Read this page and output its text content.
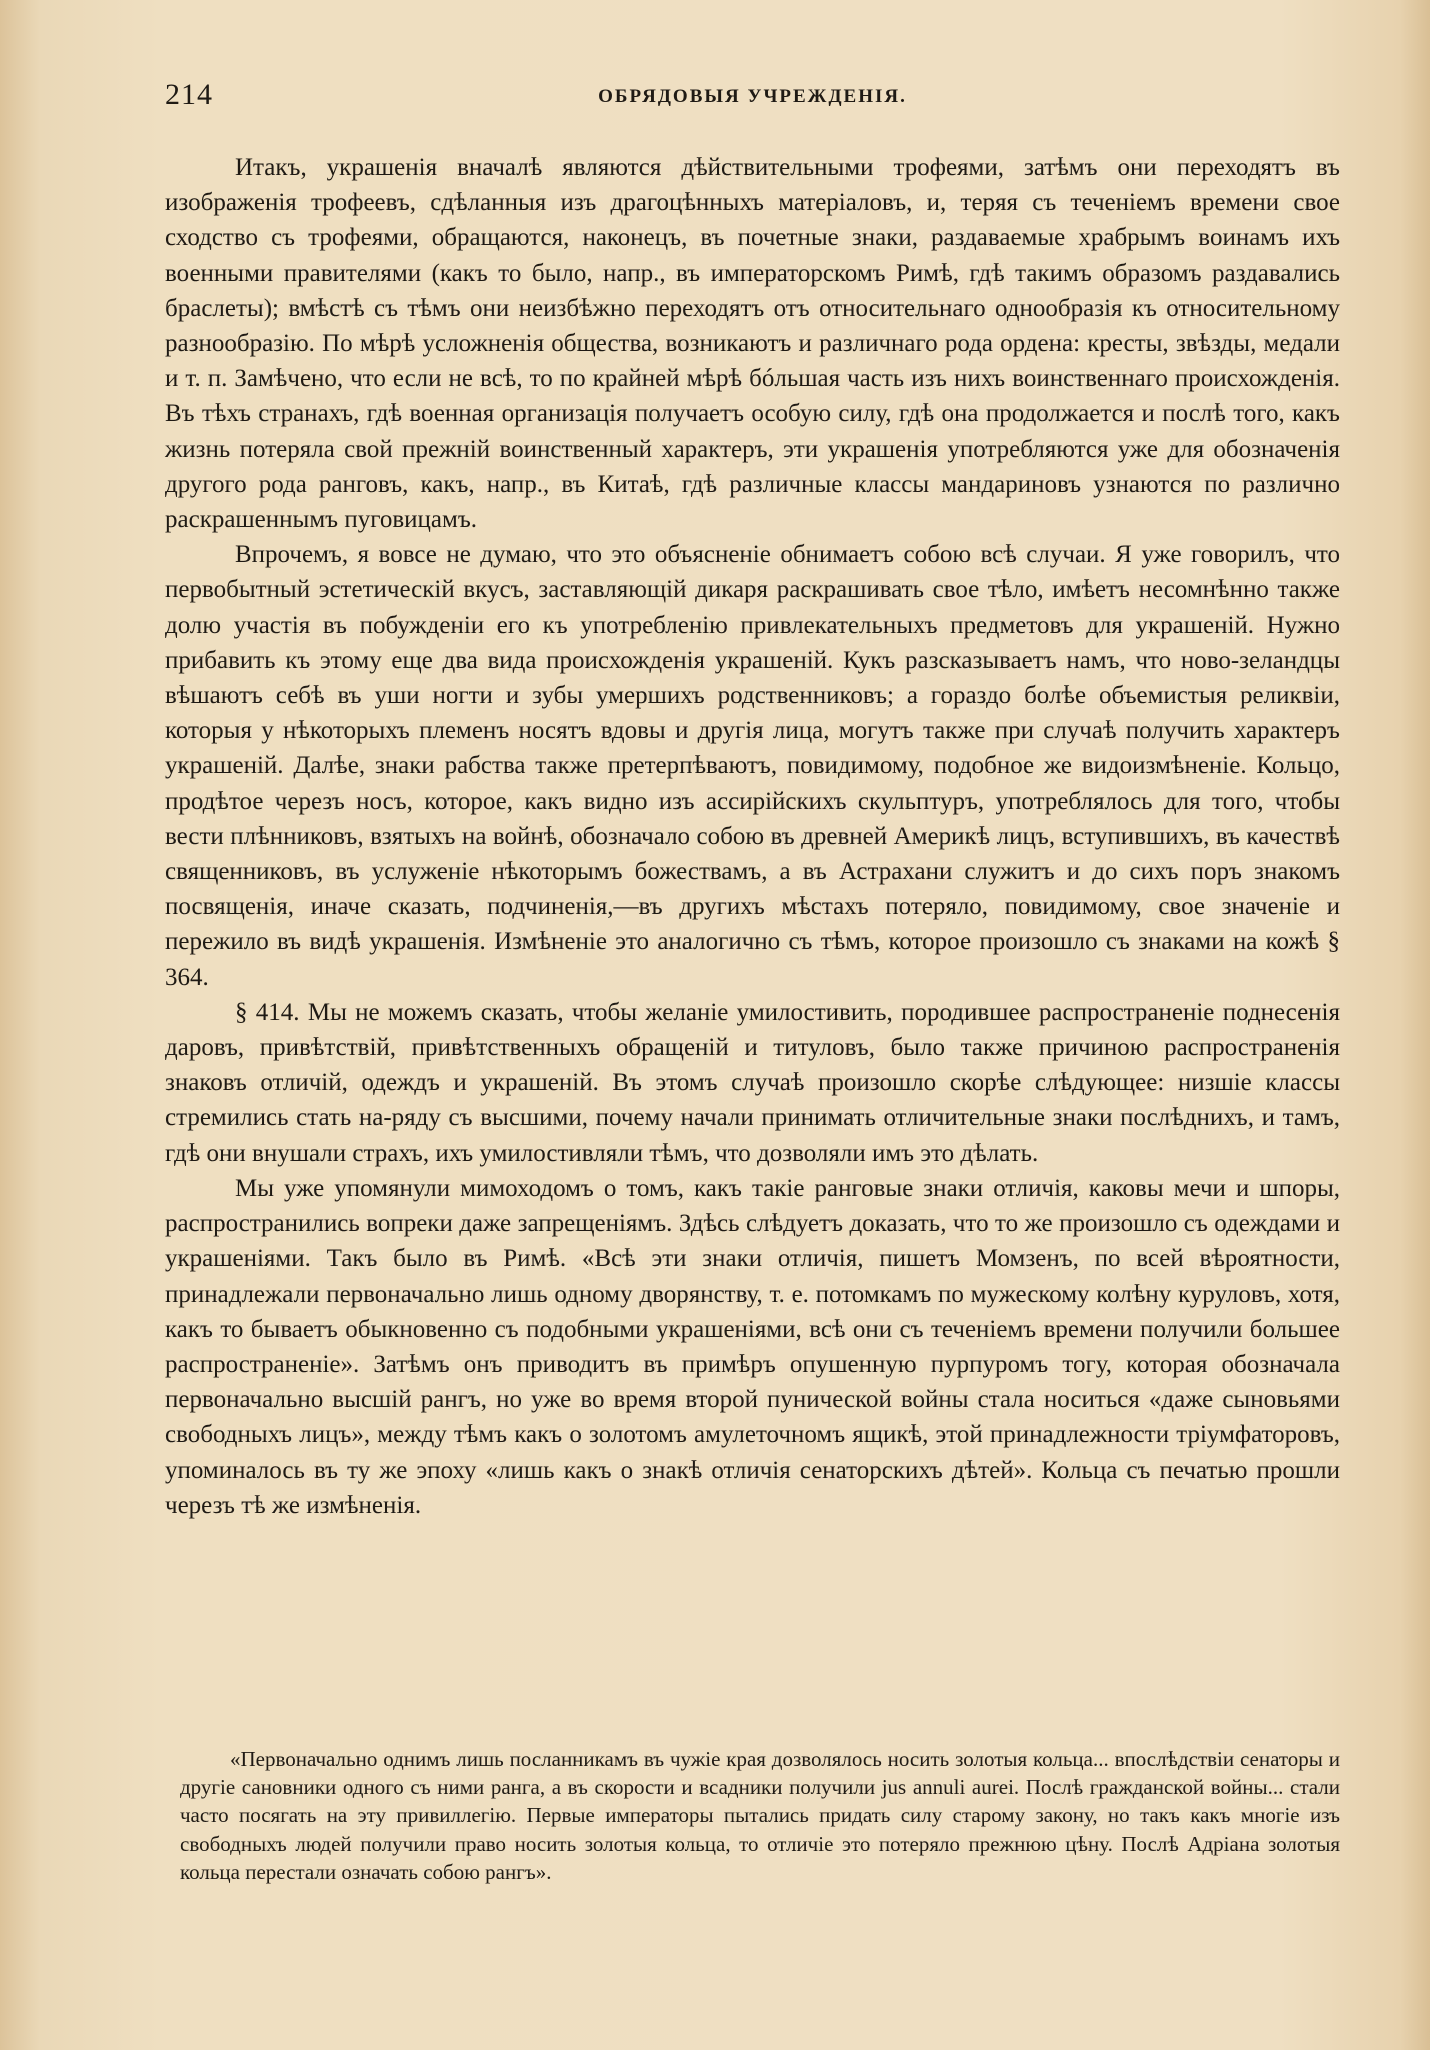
214	ОБРЯДОВЫЯ УЧРЕЖДЕНІЯ.

Итакъ, украшенія вначалѣ являются дѣйствительными трофеями, затѣмъ они переходятъ въ изображенія трофеевъ, сдѣланныя изъ драгоцѣнныхъ матеріаловъ, и, теряя съ теченіемъ времени свое сходство съ трофеями, обращаются, наконецъ, въ почетные знаки, раздаваемые храбрымъ воинамъ ихъ военными правителями (какъ то было, напр., въ императорскомъ Римѣ, гдѣ такимъ образомъ раздавались браслеты); вмѣстѣ съ тѣмъ они неизбѣжно переходятъ отъ относительнаго однообразія къ относительному разнообразію. По мѣрѣ усложненія общества, возникаютъ и различнаго рода ордена: кресты, звѣзды, медали и т. п. Замѣчено, что если не всѣ, то по крайней мѣрѣ бóльшая часть изъ нихъ воинственнаго происхожденія. Въ тѣхъ странахъ, гдѣ военная организація получаетъ особую силу, гдѣ она продолжается и послѣ того, какъ жизнь потеряла свой прежній воинственный характеръ, эти украшенія употребляются уже для обозначенія другого рода ранговъ, какъ, напр., въ Китаѣ, гдѣ различные классы мандариновъ узнаются по различно раскрашеннымъ пуговицамъ.

Впрочемъ, я вовсе не думаю, что это объясненіе обнимаетъ собою всѣ случаи. Я уже говорилъ, что первобытный эстетическій вкусъ, заставляющій дикаря раскрашивать свое тѣло, имѣетъ несомнѣнно также долю участія въ побужденіи его къ употребленію привлекательныхъ предметовъ для украшеній. Нужно прибавить къ этому еще два вида происхожденія украшеній. Кукъ разсказываетъ намъ, что ново-зеландцы вѣшаютъ себѣ въ уши ногти и зубы умершихъ родственниковъ; а гораздо болѣе объемистыя реликвіи, которыя у нѣкоторыхъ племенъ носятъ вдовы и другія лица, могутъ также при случаѣ получить характеръ украшеній. Далѣе, знаки рабства также претерпѣваютъ, повидимому, подобное же видоизмѣненіе. Кольцо, продѣтое черезъ носъ, которое, какъ видно изъ ассирійскихъ скульптуръ, употреблялось для того, чтобы вести плѣнниковъ, взятыхъ на войнѣ, обозначало собою въ древней Америкѣ лицъ, вступившихъ, въ качествѣ священниковъ, въ услуженіе нѣкоторымъ божествамъ, а въ Астрахани служитъ и до сихъ поръ знакомъ посвященія, иначе сказать, подчиненія,—въ другихъ мѣстахъ потеряло, повидимому, свое значеніе и пережило въ видѣ украшенія. Измѣненіе это аналогично съ тѣмъ, которое произошло съ знаками на кожѣ § 364.

§ 414. Мы не можемъ сказать, чтобы желаніе умилостивить, породившее распространеніе поднесенія даровъ, привѣтствій, привѣтственныхъ обращеній и титуловъ, было также причиною распространенія знаковъ отличій, одеждъ и украшеній. Въ этомъ случаѣ произошло скорѣе слѣдующее: низшіе классы стремились стать на-ряду съ высшими, почему начали принимать отличительные знаки послѣднихъ, и тамъ, гдѣ они внушали страхъ, ихъ умилостивляли тѣмъ, что дозволяли имъ это дѣлать.

Мы уже упомянули мимоходомъ о томъ, какъ такіе ранговые знаки отличія, каковы мечи и шпоры, распространились вопреки даже запрещеніямъ. Здѣсь слѣдуетъ доказать, что то же произошло съ одеждами и украшеніями. Такъ было въ Римѣ. «Всѣ эти знаки отличія, пишетъ Момзенъ, по всей вѣроятности, принадлежали первоначально лишь одному дворянству, т. е. потомкамъ по мужескому колѣну куруловъ, хотя, какъ то бываетъ обыкновенно съ подобными украшеніями, всѣ они съ теченіемъ времени получили большее распространеніе». Затѣмъ онъ приводитъ въ примѣръ опушенную пурпуромъ тогу, которая обозначала первоначально высшій рангъ, но уже во время второй пунической войны стала носиться «даже сыновьями свободныхъ лицъ», между тѣмъ какъ о золотомъ амулеточномъ ящикѣ, этой принадлежности тріумфаторовъ, упоминалось въ ту же эпоху «лишь какъ о знакѣ отличія сенаторскихъ дѣтей». Кольца съ печатью прошли черезъ тѣ же измѣненія.

«Первоначально однимъ лишь посланникамъ въ чужіе края дозволялось носить золотыя кольца... впослѣдствіи сенаторы и другіе сановники одного съ ними ранга, а въ скорости и всадники получили jus annuli aurei. Послѣ гражданской войны... стали часто посягать на эту привиллегію. Первые императоры пытались придать силу старому закону, но такъ какъ многіе изъ свободныхъ людей получили право носить золотыя кольца, то отличіе это потеряло прежнюю цѣну. Послѣ Адріана золотыя кольца перестали означать собою рангъ».
